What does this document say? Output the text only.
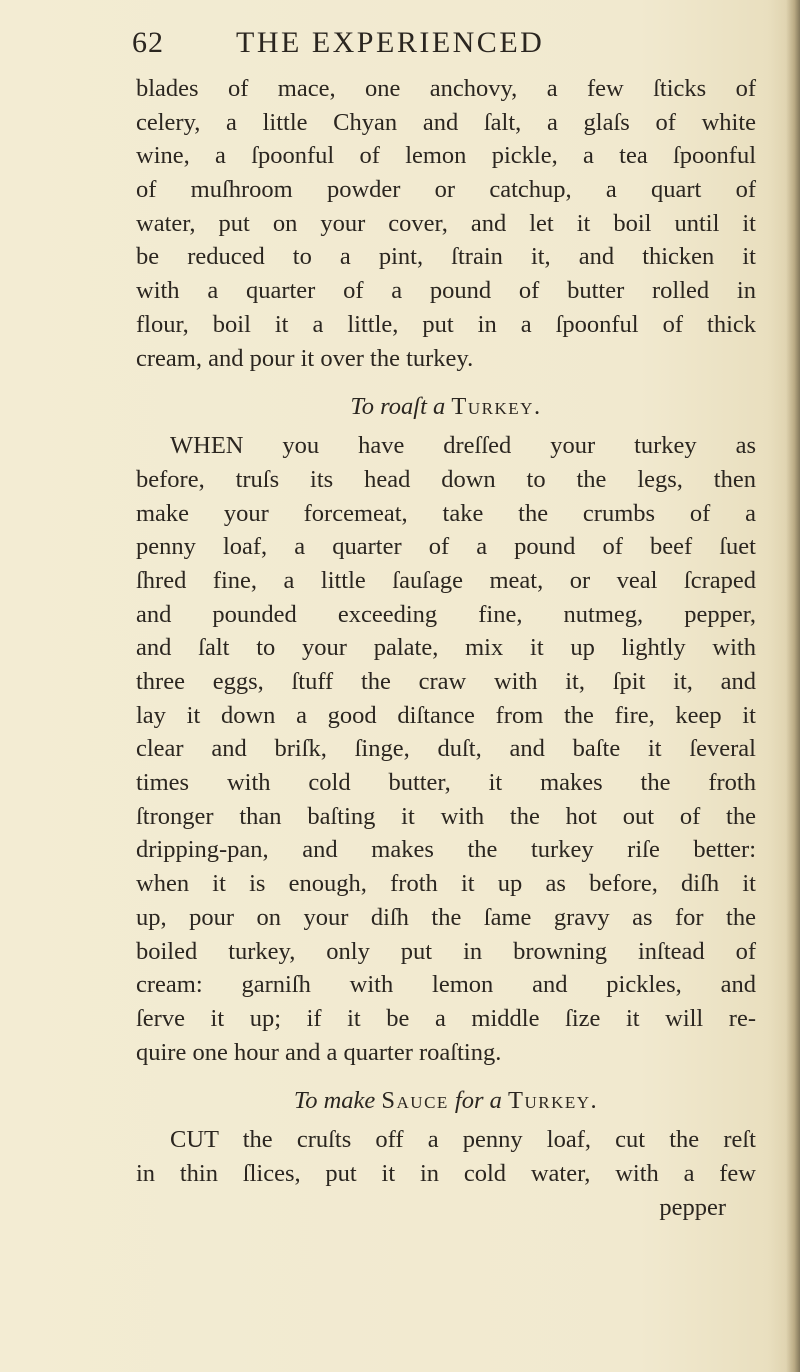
62 THE EXPERIENCED
blades of mace, one anchovy, a few ſticks of
celery, a little Chyan and ſalt, a glaſs of white
wine, a ſpoonful of lemon pickle, a tea ſpoonful
of muſhroom powder or catchup, a quart of
water, put on your cover, and let it boil until it
be reduced to a pint, ſtrain it, and thicken it
with a quarter of a pound of butter rolled in
flour, boil it a little, put in a ſpoonful of thick
cream, and pour it over the turkey.
To roaſt a Turkey.
WHEN you have dreſſed your turkey as
before, truſs its head down to the legs, then
make your forcemeat, take the crumbs of a
penny loaf, a quarter of a pound of beef ſuet
ſhred fine, a little ſauſage meat, or veal ſcraped
and pounded exceeding fine, nutmeg, pepper,
and ſalt to your palate, mix it up lightly with
three eggs, ſtuff the craw with it, ſpit it, and
lay it down a good diſtance from the fire, keep it
clear and briſk, ſinge, duſt, and baſte it ſeveral
times with cold butter, it makes the froth
ſtronger than baſting it with the hot out of the
dripping-pan, and makes the turkey riſe better:
when it is enough, froth it up as before, diſh it
up, pour on your diſh the ſame gravy as for the
boiled turkey, only put in browning inſtead of
cream: garniſh with lemon and pickles, and
ſerve it up; if it be a middle ſize it will re-
quire one hour and a quarter roaſting.
To make Sauce for a Turkey.
CUT the cruſts off a penny loaf, cut the reſt
in thin ſlices, put it in cold water, with a few
pepper
